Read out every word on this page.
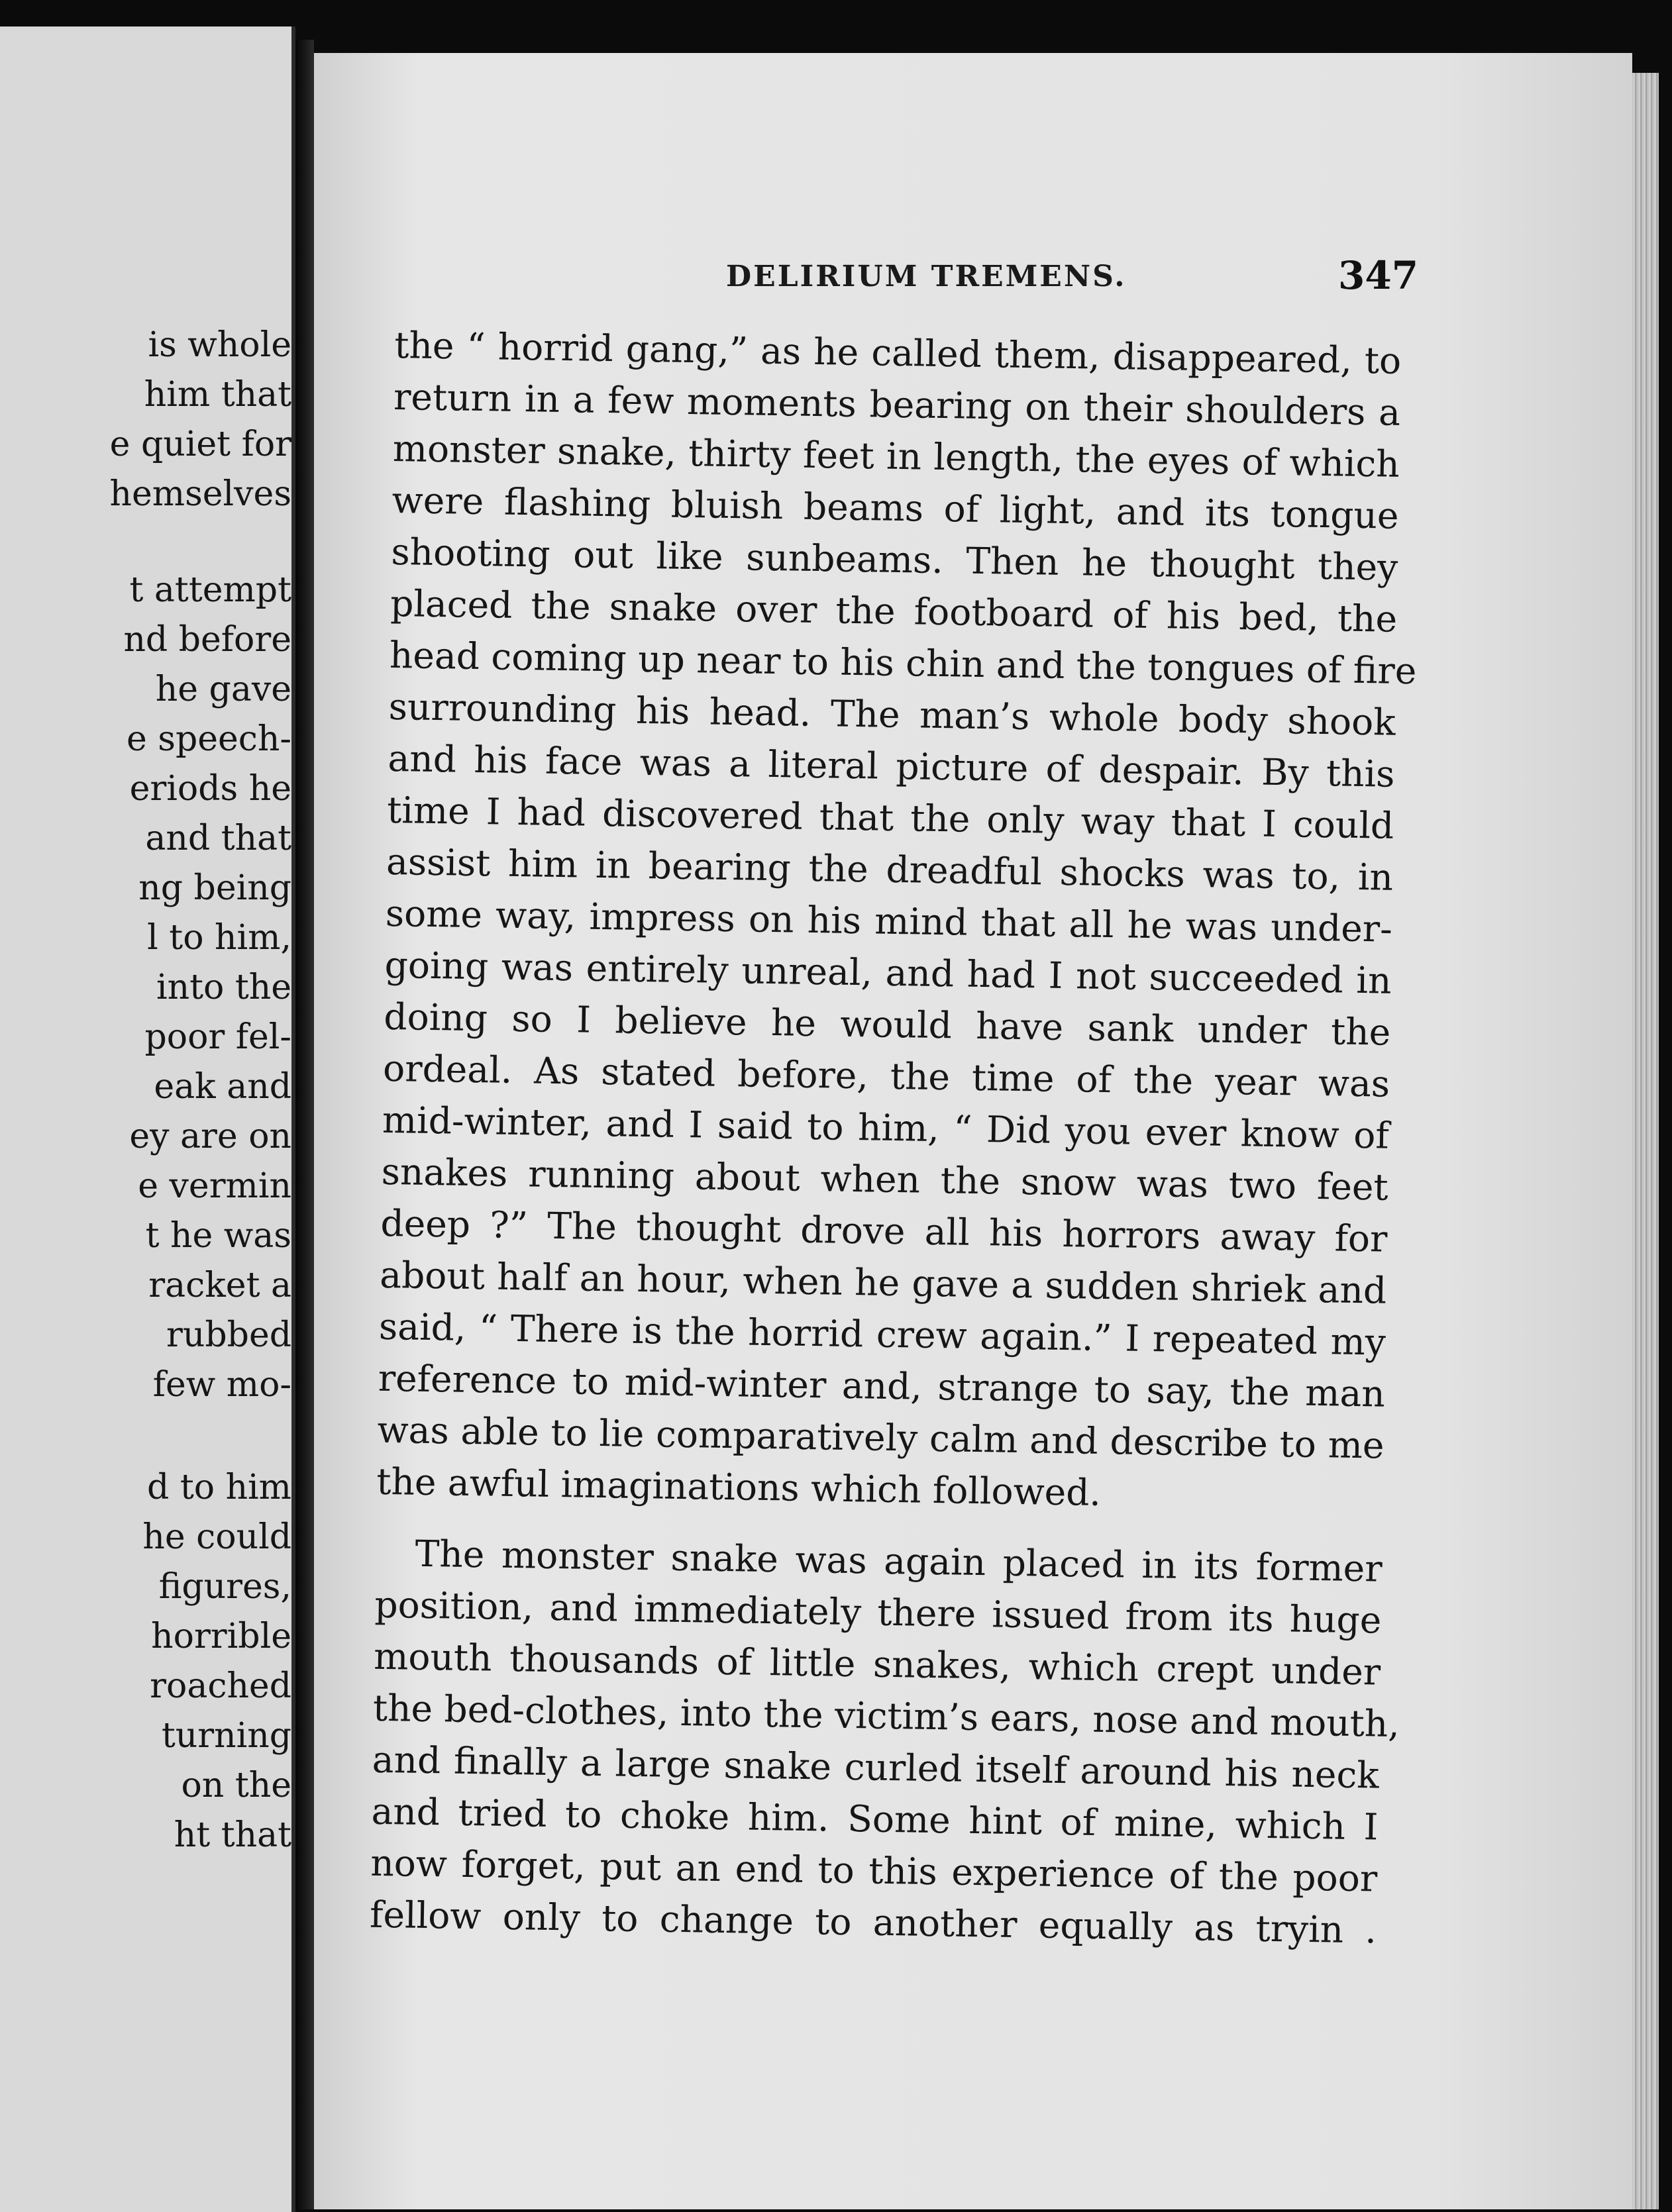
is whole
him that
e quiet for
hemselves
t attempt
nd before
he gave
e speech-
eriods he
and that
ng being
l to him,
into the
poor fel-
eak and
ey are on
e vermin
t he was
racket a
rubbed
few mo-
d to him
he could
figures,
horrible
roached
turning
on the
ht that
DELIRIUM TREMENS.	347
the “ horrid gang,” as he called them, disappeared, to
return in a few moments bearing on their shoulders a
monster snake, thirty feet in length, the eyes of which
were flashing bluish beams of light, and its tongue
shooting out like sunbeams. Then he thought they
placed the snake over the footboard of his bed, the
head coming up near to his chin and the tongues of fire
surrounding his head. The man’s whole body shook
and his face was a literal picture of despair. By this
time I had discovered that the only way that I could
assist him in bearing the dreadful shocks was to, in
some way, impress on his mind that all he was under-
going was entirely unreal, and had I not succeeded in
doing so I believe he would have sank under the
ordeal. As stated before, the time of the year was
mid-winter, and I said to him, “ Did you ever know of
snakes running about when the snow was two feet
deep ?” The thought drove all his horrors away for
about half an hour, when he gave a sudden shriek and
said, “ There is the horrid crew again.” I repeated my
reference to mid-winter and, strange to say, the man
was able to lie comparatively calm and describe to me
the awful imaginations which followed.
The monster snake was again placed in its former
position, and immediately there issued from its huge
mouth thousands of little snakes, which crept under
the bed-clothes, into the victim’s ears, nose and mouth,
and finally a large snake curled itself around his neck
and tried to choke him. Some hint of mine, which I
now forget, put an end to this experience of the poor
fellow only to change to another equally as tryin .
